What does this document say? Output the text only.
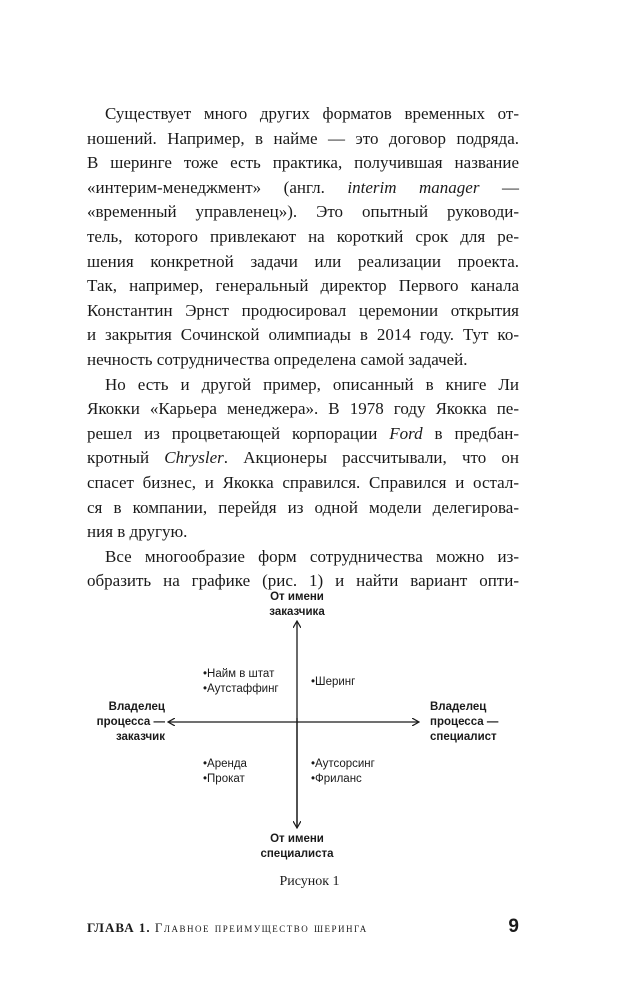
Существует много других форматов временных от-
ношений. Например, в найме — это договор подряда.
В шеринге тоже есть практика, получившая название
«интерим-менеджмент» (англ. interim manager —
«временный управленец»). Это опытный руководи-
тель, которого привлекают на короткий срок для ре-
шения конкретной задачи или реализации проекта.
Так, например, генеральный директор Первого канала
Константин Эрнст продюсировал церемонии открытия
и закрытия Сочинской олимпиады в 2014 году. Тут ко-
нечность сотрудничества определена самой задачей.

Но есть и другой пример, описанный в книге Ли
Якокки «Карьера менеджера». В 1978 году Якокка пе-
решел из процветающей корпорации Ford в предбан-
кротный Chrysler. Акционеры рассчитывали, что он
спасет бизнес, и Якокка справился. Справился и остал-
ся в компании, перейдя из одной модели делегирова-
ния в другую.

Все многообразие форм сотрудничества можно из-
образить на графике (рис. 1) и найти вариант опти-

От имени
заказчика
От имени
специалиста
Владелец
процесса —
заказчик
Владелец
процесса —
специалист
•Найм в штат
•Аутстаффинг
•Шеринг
•Аренда
•Прокат
•Аутсорсинг
•Фриланс
Рисунок 1
ГЛАВА 1. Главное преимущество шеринга	9
